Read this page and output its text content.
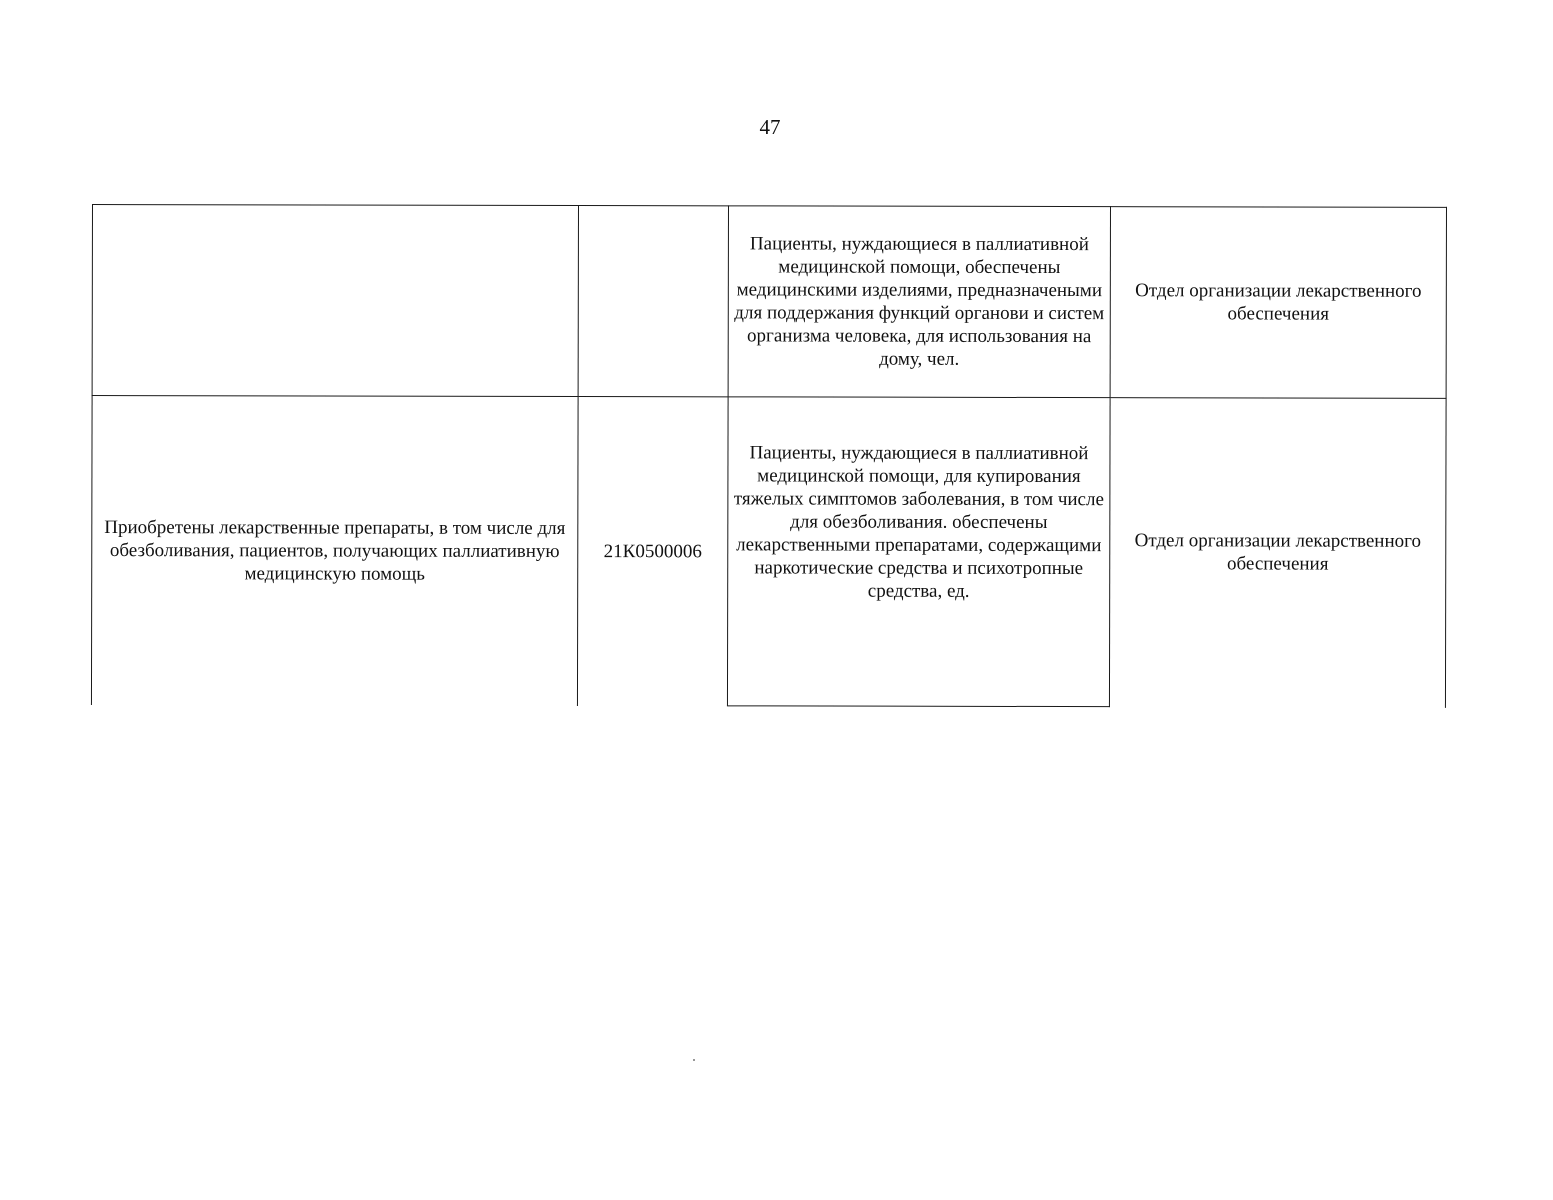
47
		Пациенты, нуждающиеся в паллиативной медицинской помощи, обеспечены медицинскими изделиями, предназначеными для поддержания функций органови и систем организма человека, для использования на дому, чел.	Отдел организации лекарственного обеспечения
Приобретены лекарственные препараты, в том числе для обезболивания, пациентов, получающих паллиативную медицинскую помощь	21К0500006	Пациенты, нуждающиеся в паллиативной медицинской помощи, для купирования тяжелых симптомов заболевания, в том числе для обезболивания. обеспечены лекарственными препаратами, содержащими наркотические средства и психотропные средства, ед.	Отдел организации лекарственного обеспечения
